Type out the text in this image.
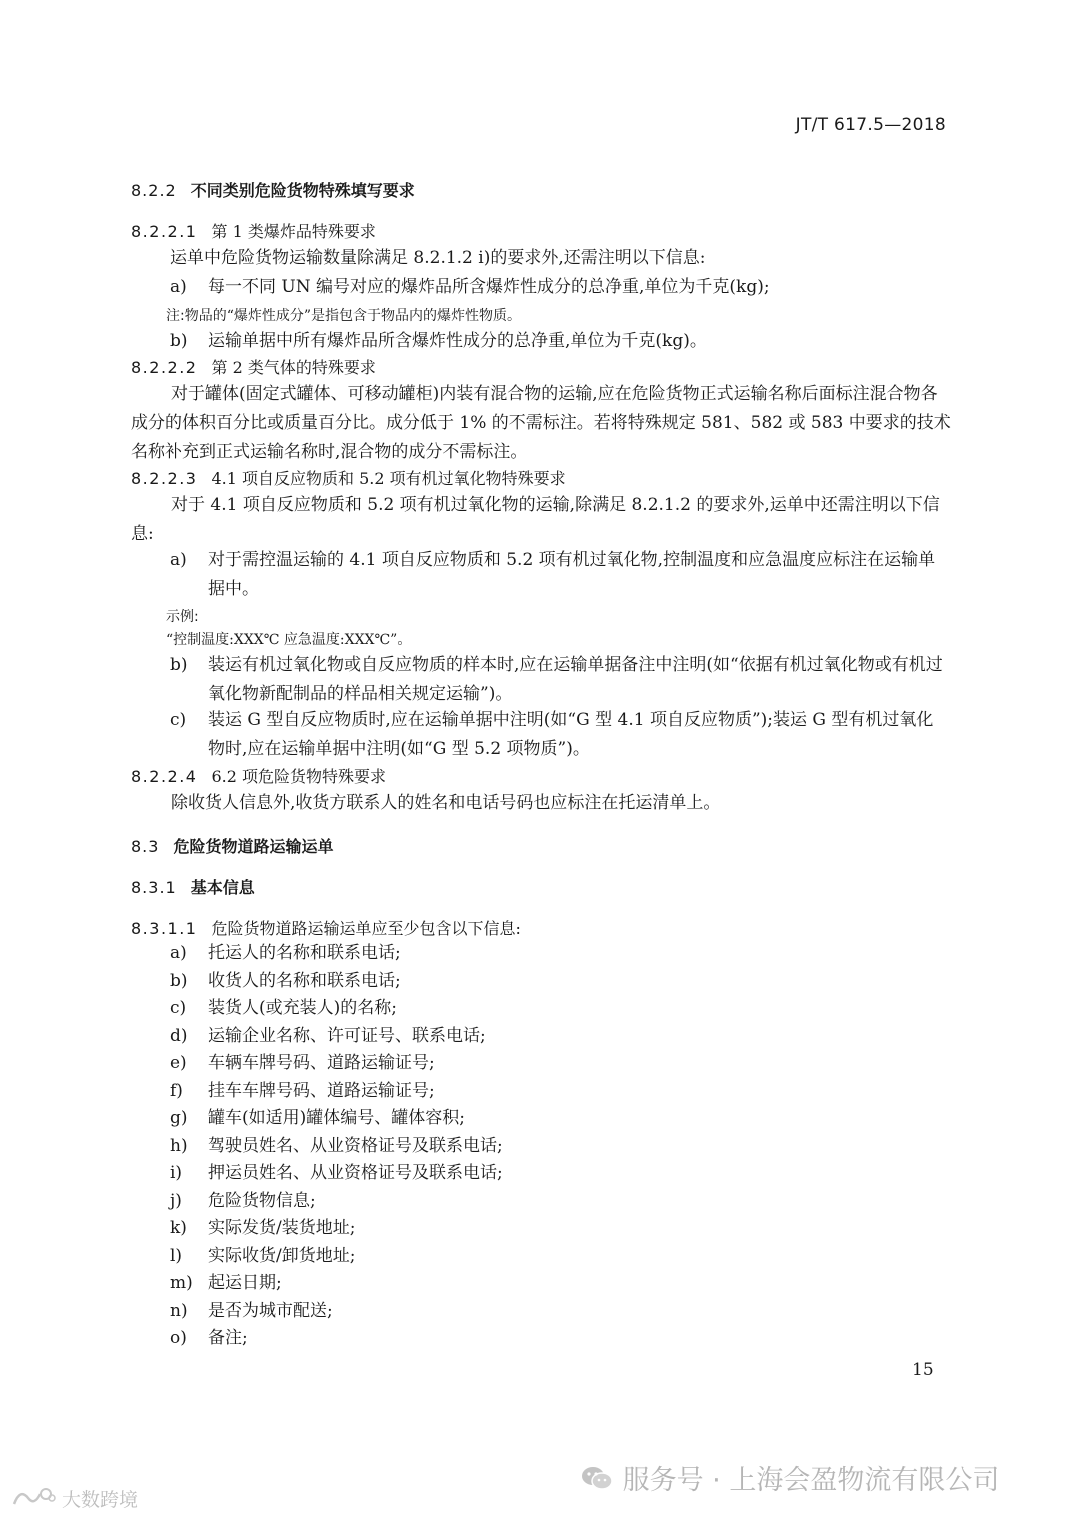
JT/T 617.5—2018
8.2.2 不同类别危险货物特殊填写要求
8.2.2.1 第 1 类爆炸品特殊要求
运单中危险货物运输数量除满足 8.2.1.2 i)的要求外,还需注明以下信息:
a) 每一不同 UN 编号对应的爆炸品所含爆炸性成分的总净重,单位为千克(kg);
注:物品的“爆炸性成分”是指包含于物品内的爆炸性物质。
b) 运输单据中所有爆炸品所含爆炸性成分的总净重,单位为千克(kg)。
8.2.2.2 第 2 类气体的特殊要求

对于罐体(固定式罐体、可移动罐柜)内装有混合物的运输,应在危险货物正式运输名称后面标注混合物各成分的体积百分比或质量百分比。成分低于 1% 的不需标注。若将特殊规定 581、582 或 583 中要求的技术名称补充到正式运输名称时,混合物的成分不需标注。

8.2.2.3 4.1 项自反应物质和 5.2 项有机过氧化物特殊要求

对于 4.1 项自反应物质和 5.2 项有机过氧化物的运输,除满足 8.2.1.2 的要求外,运单中还需注明以下信息:

a) 对于需控温运输的 4.1 项自反应物质和 5.2 项有机过氧化物,控制温度和应急温度应标注在运输单据中。
示例:
“控制温度:XXX℃ 应急温度:XXX℃”。
b) 装运有机过氧化物或自反应物质的样本时,应在运输单据备注中注明(如“依据有机过氧化物或有机过氧化物新配制品的样品相关规定运输”)。
c) 装运 G 型自反应物质时,应在运输单据中注明(如“G 型 4.1 项自反应物质”);装运 G 型有机过氧化物时,应在运输单据中注明(如“G 型 5.2 项物质”)。
8.2.2.4 6.2 项危险货物特殊要求

除收货人信息外,收货方联系人的姓名和电话号码也应标注在托运清单上。

8.3 危险货物道路运输运单
8.3.1 基本信息
8.3.1.1 危险货物道路运输运单应至少包含以下信息:
a) 托运人的名称和联系电话;
b) 收货人的名称和联系电话;
c) 装货人(或充装人)的名称;
d) 运输企业名称、许可证号、联系电话;
e) 车辆车牌号码、道路运输证号;
f) 挂车车牌号码、道路运输证号;
g) 罐车(如适用)罐体编号、罐体容积;
h) 驾驶员姓名、从业资格证号及联系电话;
i) 押运员姓名、从业资格证号及联系电话;
j) 危险货物信息;
k) 实际发货/装货地址;
l) 实际收货/卸货地址;
m) 起运日期;
n) 是否为城市配送;
o) 备注;
15
服务号 · 上海会盈物流有限公司
大数跨境
